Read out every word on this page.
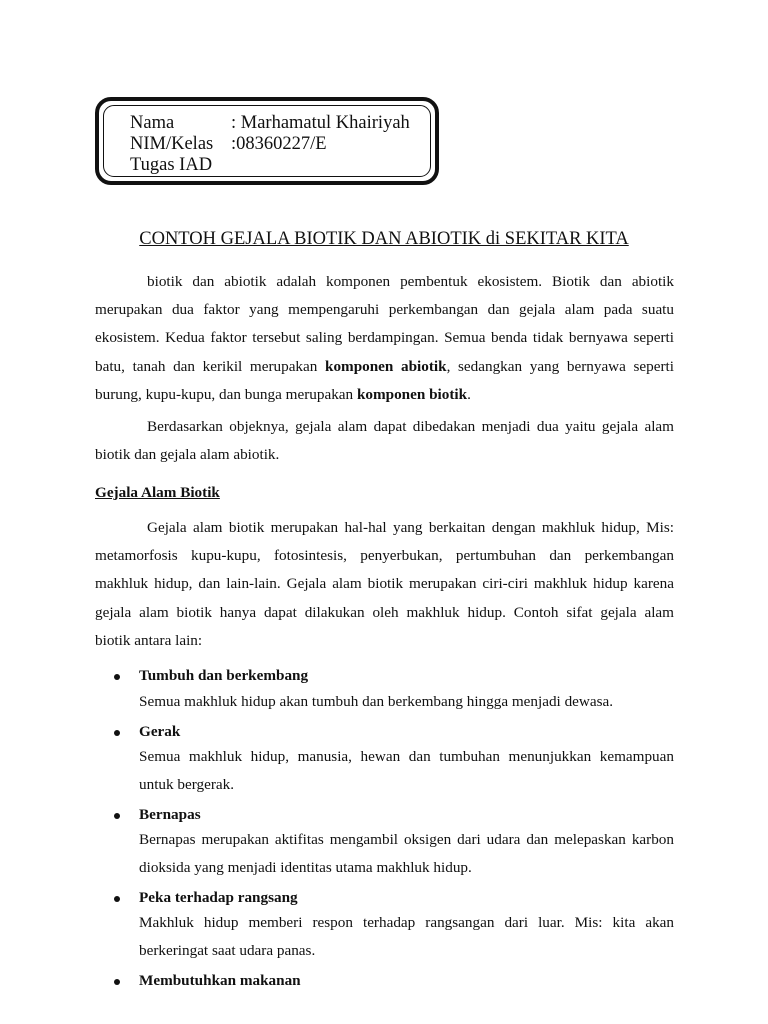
Nama	: Marhamatul Khairiyah
NIM/Kelas :08360227/E
Tugas IAD
CONTOH GEJALA BIOTIK DAN ABIOTIK di SEKITAR KITA
biotik dan abiotik adalah komponen pembentuk ekosistem. Biotik dan abiotik
merupakan dua faktor yang mempengaruhi perkembangan dan gejala alam pada suatu
ekosistem. Kedua faktor tersebut saling berdampingan. Semua benda tidak bernyawa seperti
batu, tanah dan kerikil merupakan komponen abiotik, sedangkan yang bernyawa seperti
burung, kupu-kupu, dan bunga merupakan komponen biotik.
Berdasarkan objeknya, gejala alam dapat dibedakan menjadi dua yaitu gejala alam
biotik dan gejala alam abiotik.
Gejala Alam Biotik
Gejala alam biotik merupakan hal-hal yang berkaitan dengan makhluk hidup, Mis:
metamorfosis kupu-kupu, fotosintesis, penyerbukan, pertumbuhan dan perkembangan
makhluk hidup, dan lain-lain. Gejala alam biotik merupakan ciri-ciri makhluk hidup karena
gejala alam biotik hanya dapat dilakukan oleh makhluk hidup. Contoh sifat gejala alam
biotik antara lain:
Tumbuh dan berkembang
Semua makhluk hidup akan tumbuh dan berkembang hingga menjadi dewasa.
Gerak
Semua makhluk hidup, manusia, hewan dan tumbuhan menunjukkan kemampuan
untuk bergerak.
Bernapas
Bernapas merupakan aktifitas mengambil oksigen dari udara dan melepaskan karbon
dioksida yang menjadi identitas utama makhluk hidup.
Peka terhadap rangsang
Makhluk hidup memberi respon terhadap rangsangan dari luar. Mis: kita akan
berkeringat saat udara panas.
Membutuhkan makanan
